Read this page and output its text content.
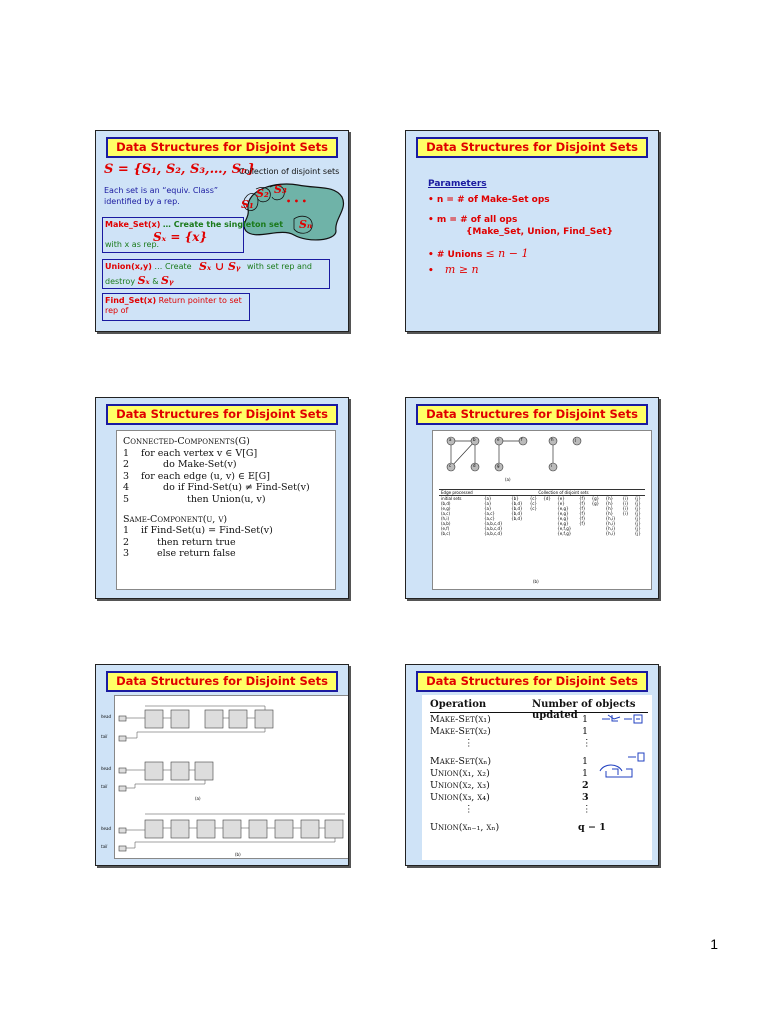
Data Structures for Disjoint Sets
S = {S₁, S₂, S₃,…, Sₙ}
Collection of disjoint sets
Each set is an “equiv. Class”
identified by a rep.	S₁
S₂ S₃
• • •
Sₙ
Make_Set(x) … Create the singleton set
Sₓ = {x}
with x as rep.
Union(x,y) … Create Sₓ ∪ Sᵧ with set rep and
destroy Sₓ & Sᵧ
Find_Set(x) Return pointer to set rep of
Data Structures for Disjoint Sets
Parameters
• n = # of Make-Set ops
• m = # of all ops
{Make_Set, Union, Find_Set}
• # Unions ≤ n − 1
• m ≥ n
Data Structures for Disjoint Sets
Connected-Components(G)
1 for each vertex v ∈ V[G]
2	do Make-Set(v)
3 for each edge (u, v) ∈ E[G]
4	do if Find-Set(u) ≠ Find-Set(v)
5	then Union(u, v)
Same-Component(u, v)
1 if Find-Set(u) = Find-Set(v)
2	then return true
3	else return false
Data Structures for Disjoint Sets
a	b
c	d
e	f
g
h
i
j
(a)
Edge processed	Collection of disjoint sets									
initial sets	{a}	{b}	{c}	{d}	{e}	{f}	{g}	{h}	{i}	{j}
(b,d)	{a}	{b,d}	{c}		{e}	{f}	{g}	{h}	{i}	{j}
(e,g)	{a}	{b,d}	{c}		{e,g}	{f}		{h}	{i}	{j}
(a,c)	{a,c}	{b,d}			{e,g}	{f}		{h}	{i}	{j}
(h,i)	{a,c}	{b,d}			{e,g}	{f}		{h,i}		{j}
(a,b)	{a,b,c,d}				{e,g}	{f}		{h,i}		{j}
(e,f)	{a,b,c,d}				{e,f,g}			{h,i}		{j}
(b,c)	{a,b,c,d}				{e,f,g}			{h,i}		{j}
(b)
Data Structures for Disjoint Sets
head
tail
head
tail
head
tail
(a)
(b)
Data Structures for Disjoint Sets
Operation	Number of objects updated
Make-Set(x₁)	1
Make-Set(x₂)	1
⋮	⋮
Make-Set(xₙ)	1
Union(x₁, x₂)	1
Union(x₂, x₃)	2
Union(x₃, x₄)	3
⋮	⋮
Union(xₙ₋₁, xₙ)	q − 1
1
